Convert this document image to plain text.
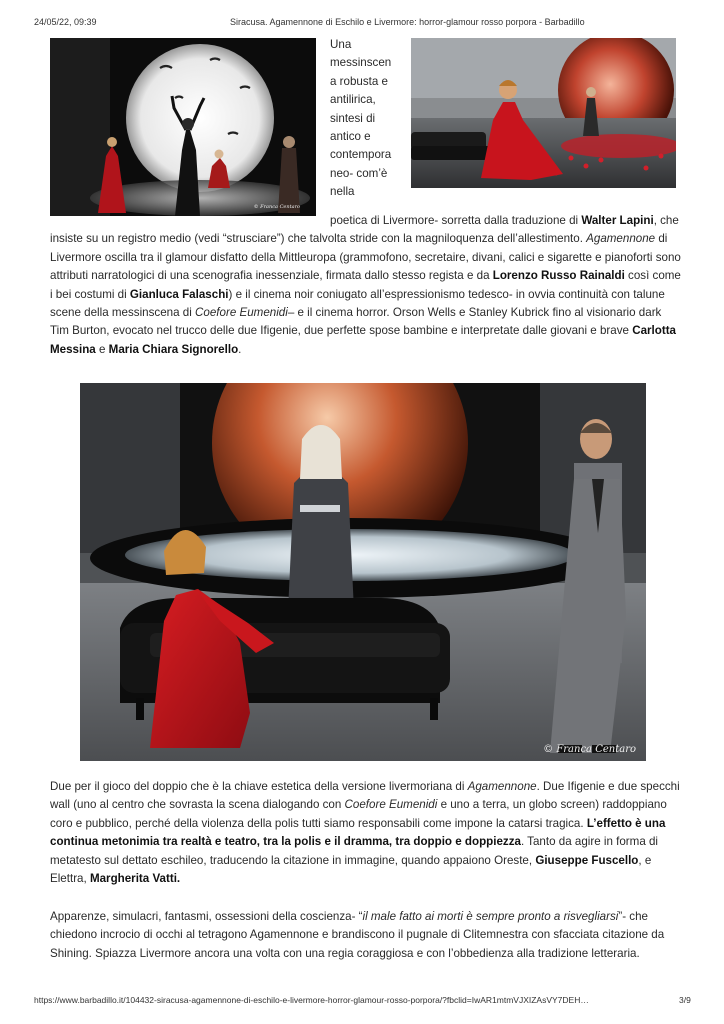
24/05/22, 09:39	Siracusa. Agamennone di Eschilo e Livermore: horror-glamour rosso porpora - Barbadillo
© Franca Centaro
Una
messinscen
a robusta e
antilirica,
sintesi di
antico e
contempora
neo- com’è
nella
poetica di Livermore- sorretta dalla traduzione di Walter Lapini, che insiste su un registro medio (vedi “strusciare”) che talvolta stride con la magniloquenza dell’allestimento. Agamennone di Livermore oscilla tra il glamour disfatto della Mittleuropa (grammofono, secretaire, divani, calici e sigarette e pianoforti sono attributi narratologici di una scenografia inessenziale, firmata dallo stesso regista e da Lorenzo Russo Rainaldi così come i bei costumi di Gianluca Falaschi) e il cinema noir coniugato all’espressionismo tedesco- in ovvia continuità con talune scene della messinscena di Coefore Eumenidi– e il cinema horror. Orson Wells e Stanley Kubrick fino al visionario dark Tim Burton, evocato nel trucco delle due Ifigenie, due perfette spose bambine e interpretate dalle giovani e brave Carlotta Messina e Maria Chiara Signorello.
© Franca Centaro
Due per il gioco del doppio che è la chiave estetica della versione livermoriana di Agamennone. Due Ifigenie e due specchi wall (uno al centro che sovrasta la scena dialogando con Coefore Eumenidi e uno a terra, un globo screen) raddoppiano coro e pubblico, perché della violenza della polis tutti siamo responsabili come impone la catarsi tragica. L’effetto è una continua metonimia tra realtà e teatro, tra la polis e il dramma, tra doppio e doppiezza. Tanto da agire in forma di metatesto sul dettato eschileo, traducendo la citazione in immagine, quando appaiono Oreste, Giuseppe Fuscello, e Elettra, Margherita Vatti.
Apparenze, simulacri, fantasmi, ossessioni della coscienza- “il male fatto ai morti è sempre pronto a risvegliarsi”- che chiedono incrocio di occhi al tetragono Agamennone e brandiscono il pugnale di Clitemnestra con sfacciata citazione da Shining. Spiazza Livermore ancora una volta con una regia coraggiosa e con l’obbedienza alla tradizione letteraria.
https://www.barbadillo.it/104432-siracusa-agamennone-di-eschilo-e-livermore-horror-glamour-rosso-porpora/?fbclid=IwAR1mtmVJXIZAsVY7DEH…	3/9
